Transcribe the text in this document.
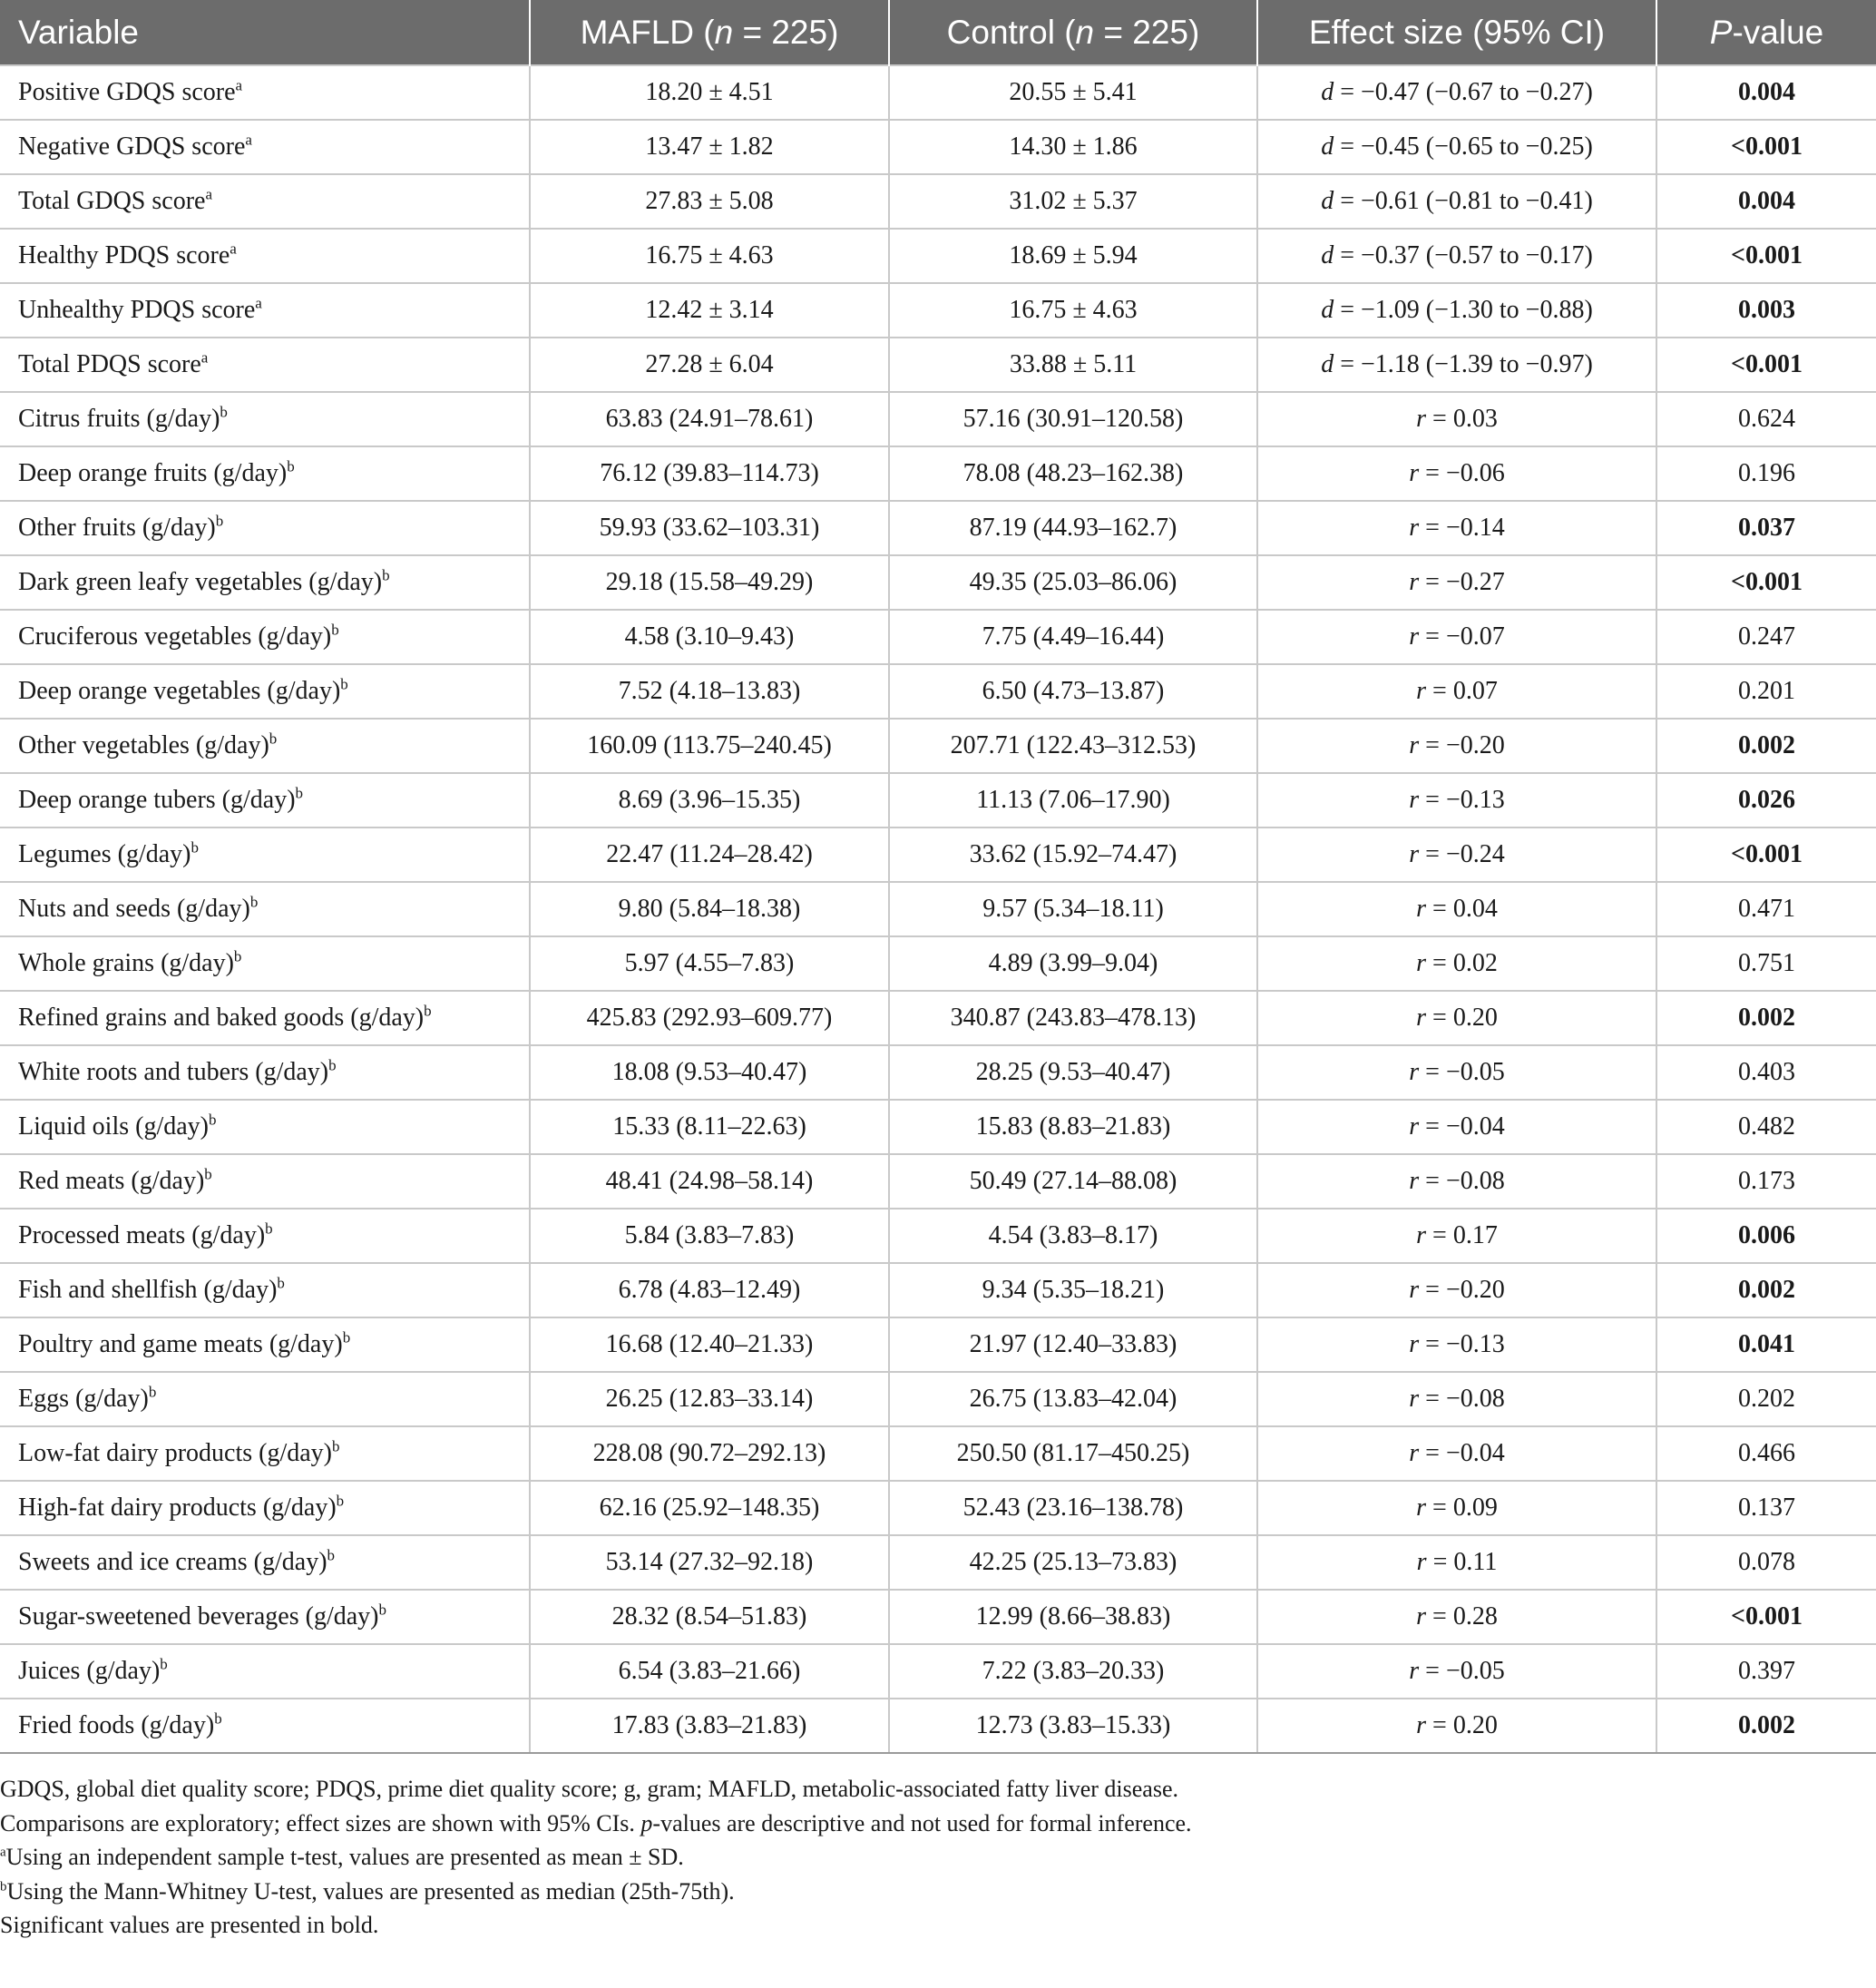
Variable	MAFLD (n = 225)	Control (n = 225)	Effect size (95% CI)	P-value
Positive GDQS score$^a$	18.20 ± 4.51	20.55 ± 5.41	d = −0.47 (−0.67 to −0.27)	0.004
Negative GDQS score$^a$	13.47 ± 1.82	14.30 ± 1.86	d = −0.45 (−0.65 to −0.25)	<0.001
Total GDQS score$^a$	27.83 ± 5.08	31.02 ± 5.37	d = −0.61 (−0.81 to −0.41)	0.004
Healthy PDQS score$^a$	16.75 ± 4.63	18.69 ± 5.94	d = −0.37 (−0.57 to −0.17)	<0.001
Unhealthy PDQS score$^a$	12.42 ± 3.14	16.75 ± 4.63	d = −1.09 (−1.30 to −0.88)	0.003
Total PDQS score$^a$	27.28 ± 6.04	33.88 ± 5.11	d = −1.18 (−1.39 to −0.97)	<0.001
Citrus fruits $(g/day)^b$	63.83 (24.91–78.61)	57.16 (30.91–120.58)	r = 0.03	0.624
Deep orange fruits $(g/day)^b$	76.12 (39.83–114.73)	78.08 (48.23–162.38)	r = −0.06	0.196
Other fruits $(g/day)^b$	59.93 (33.62–103.31)	87.19 (44.93–162.7)	r = −0.14	0.037
Dark green leafy vegetables $(g/day)^b$	29.18 (15.58–49.29)	49.35 (25.03–86.06)	r = −0.27	<0.001
Cruciferous vegetables $(g/day)^b$	4.58 (3.10–9.43)	7.75 (4.49–16.44)	r = −0.07	0.247
Deep orange vegetables $(g/day)^b$	7.52 (4.18–13.83)	6.50 (4.73–13.87)	r = 0.07	0.201
Other vegetables $(g/day)^b$	160.09 (113.75–240.45)	207.71 (122.43–312.53)	r = −0.20	0.002
Deep orange tubers $(g/day)^b$	8.69 (3.96–15.35)	11.13 (7.06–17.90)	r = −0.13	0.026
Legumes $(g/day)^b$	22.47 (11.24–28.42)	33.62 (15.92–74.47)	r = −0.24	<0.001
Nuts and seeds $(g/day)^b$	9.80 (5.84–18.38)	9.57 (5.34–18.11)	r = 0.04	0.471
Whole grains $(g/day)^b$	5.97 (4.55–7.83)	4.89 (3.99–9.04)	r = 0.02	0.751
Refined grains and baked goods $(g/day)^b$	425.83 (292.93–609.77)	340.87 (243.83–478.13)	r = 0.20	0.002
White roots and tubers $(g/day)^b$	18.08 (9.53–40.47)	28.25 (9.53–40.47)	r = −0.05	0.403
Liquid oils $(g/day)^b$	15.33 (8.11–22.63)	15.83 (8.83–21.83)	r = −0.04	0.482
Red meats $(g/day)^b$	48.41 (24.98–58.14)	50.49 (27.14–88.08)	r = −0.08	0.173
Processed meats $(g/day)^b$	5.84 (3.83–7.83)	4.54 (3.83–8.17)	r = 0.17	0.006
Fish and shellfish $(g/day)^b$	6.78 (4.83–12.49)	9.34 (5.35–18.21)	r = −0.20	0.002
Poultry and game meats $(g/day)^b$	16.68 (12.40–21.33)	21.97 (12.40–33.83)	r = −0.13	0.041
Eggs $(g/day)^b$	26.25 (12.83–33.14)	26.75 (13.83–42.04)	r = −0.08	0.202
Low-fat dairy products $(g/day)^b$	228.08 (90.72–292.13)	250.50 (81.17–450.25)	r = −0.04	0.466
High-fat dairy products $(g/day)^b$	62.16 (25.92–148.35)	52.43 (23.16–138.78)	r = 0.09	0.137
Sweets and ice creams $(g/day)^b$	53.14 (27.32–92.18)	42.25 (25.13–73.83)	r = 0.11	0.078
Sugar-sweetened beverages $(g/day)^b$	28.32 (8.54–51.83)	12.99 (8.66–38.83)	r = 0.28	<0.001
Juices $(g/day)^b$	6.54 (3.83–21.66)	7.22 (3.83–20.33)	r = −0.05	0.397
Fried foods $(g/day)^b$	17.83 (3.83–21.83)	12.73 (3.83–15.33)	r = 0.20	0.002
GDQS, global diet quality score; PDQS, prime diet quality score; g, gram; MAFLD, metabolic-associated fatty liver disease.
Comparisons are exploratory; effect sizes are shown with 95% CIs. p-values are descriptive and not used for formal inference.
$^a$Using an independent sample t-test, values are presented as mean ± SD.
$^b$Using the Mann-Whitney U-test, values are presented as median (25th-75th).
Significant values are presented in bold.
